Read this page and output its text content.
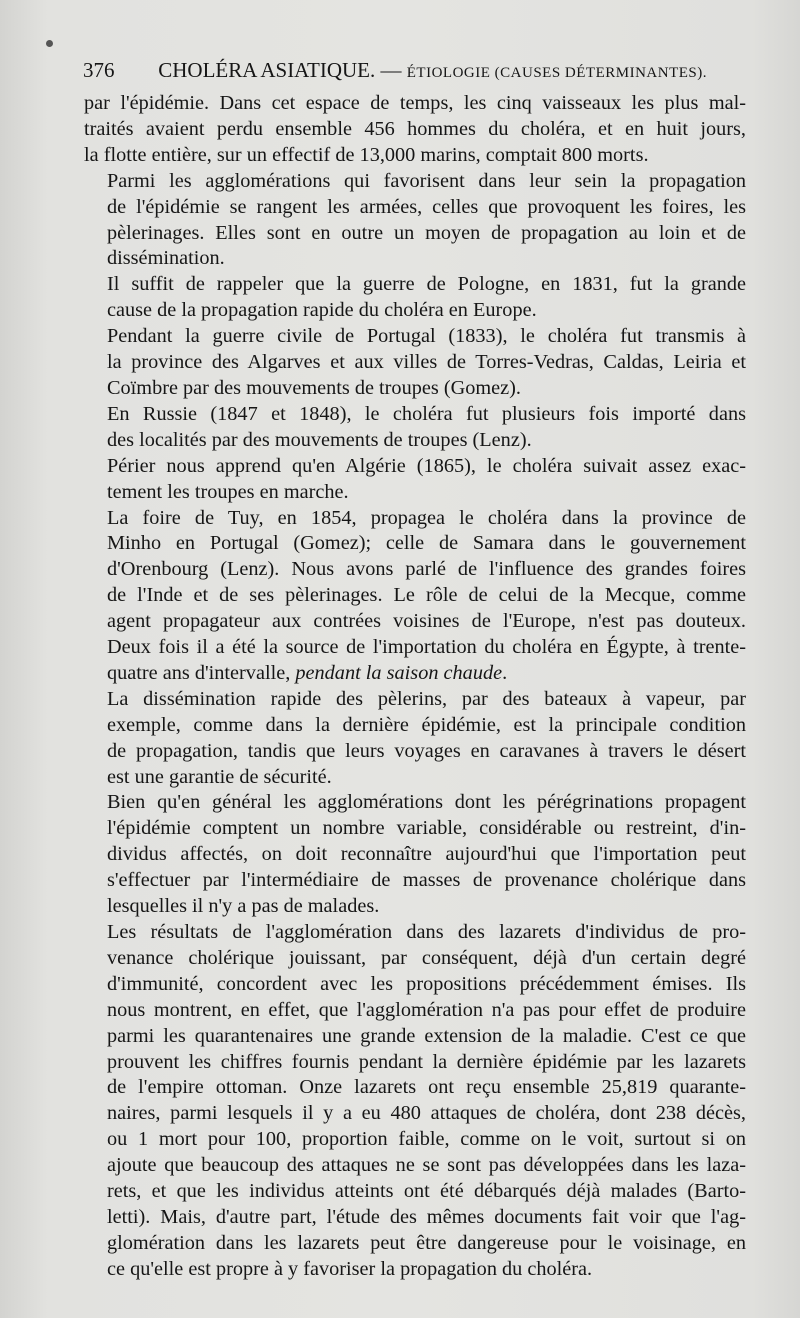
376 CHOLÉRA ASIATIQUE. — ÉTIOLOGIE (CAUSES DÉTERMINANTES).

par l'épidémie. Dans cet espace de temps, les cinq vaisseaux les plus mal-
traités avaient perdu ensemble 456 hommes du choléra, et en huit jours,
la flotte entière, sur un effectif de 13,000 marins, comptait 800 morts.

Parmi les agglomérations qui favorisent dans leur sein la propagation
de l'épidémie se rangent les armées, celles que provoquent les foires, les
pèlerinages. Elles sont en outre un moyen de propagation au loin et de
dissémination.

Il suffit de rappeler que la guerre de Pologne, en 1831, fut la grande
cause de la propagation rapide du choléra en Europe.

Pendant la guerre civile de Portugal (1833), le choléra fut transmis à
la province des Algarves et aux villes de Torres-Vedras, Caldas, Leiria et
Coïmbre par des mouvements de troupes (Gomez).

En Russie (1847 et 1848), le choléra fut plusieurs fois importé dans
des localités par des mouvements de troupes (Lenz).

Périer nous apprend qu'en Algérie (1865), le choléra suivait assez exac-
tement les troupes en marche.

La foire de Tuy, en 1854, propagea le choléra dans la province de
Minho en Portugal (Gomez); celle de Samara dans le gouvernement
d'Orenbourg (Lenz). Nous avons parlé de l'influence des grandes foires
de l'Inde et de ses pèlerinages. Le rôle de celui de la Mecque, comme
agent propagateur aux contrées voisines de l'Europe, n'est pas douteux.
Deux fois il a été la source de l'importation du choléra en Égypte, à trente-
quatre ans d'intervalle, pendant la saison chaude.

La dissémination rapide des pèlerins, par des bateaux à vapeur, par
exemple, comme dans la dernière épidémie, est la principale condition
de propagation, tandis que leurs voyages en caravanes à travers le désert
est une garantie de sécurité.

Bien qu'en général les agglomérations dont les pérégrinations propagent
l'épidémie comptent un nombre variable, considérable ou restreint, d'in-
dividus affectés, on doit reconnaître aujourd'hui que l'importation peut
s'effectuer par l'intermédiaire de masses de provenance cholérique dans
lesquelles il n'y a pas de malades.

Les résultats de l'agglomération dans des lazarets d'individus de pro-
venance cholérique jouissant, par conséquent, déjà d'un certain degré
d'immunité, concordent avec les propositions précédemment émises. Ils
nous montrent, en effet, que l'agglomération n'a pas pour effet de produire
parmi les quarantenaires une grande extension de la maladie. C'est ce que
prouvent les chiffres fournis pendant la dernière épidémie par les lazarets
de l'empire ottoman. Onze lazarets ont reçu ensemble 25,819 quarante-
naires, parmi lesquels il y a eu 480 attaques de choléra, dont 238 décès,
ou 1 mort pour 100, proportion faible, comme on le voit, surtout si on
ajoute que beaucoup des attaques ne se sont pas développées dans les laza-
rets, et que les individus atteints ont été débarqués déjà malades (Barto-
letti). Mais, d'autre part, l'étude des mêmes documents fait voir que l'ag-
glomération dans les lazarets peut être dangereuse pour le voisinage, en
ce qu'elle est propre à y favoriser la propagation du choléra.
